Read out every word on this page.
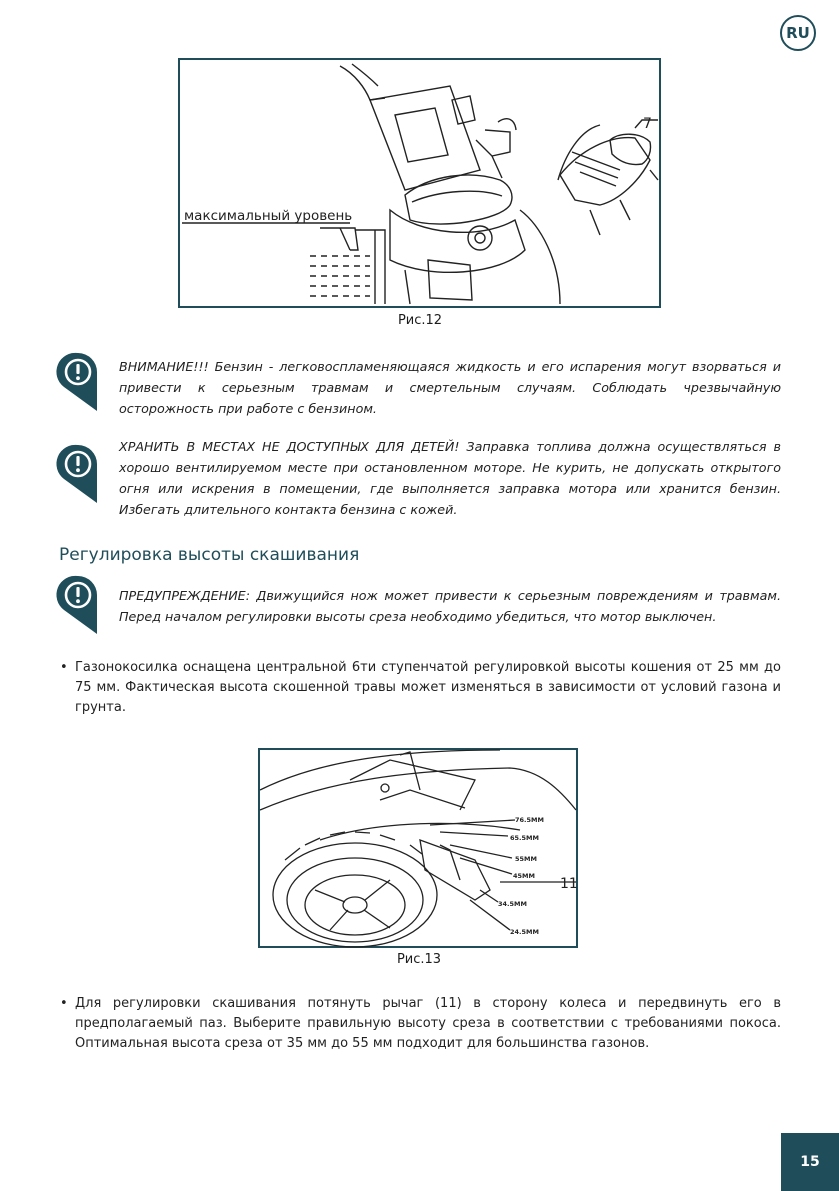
RU
7
максимальный уровень
Рис.12
ВНИМАНИЕ!!! Бензин - легковоспламеняющаяся жидкость и его испарения могут взорваться и привести к серьезным травмам и смертельным случаям. Соблюдать чрезвычайную осторожность при работе с бензином.
ХРАНИТЬ В МЕСТАХ НЕ ДОСТУПНЫХ ДЛЯ ДЕТЕЙ! Заправка топлива должна осуществляться в хорошо вентилируемом месте при остановленном моторе. Не курить, не допускать открытого огня или искрения в помещении, где выполняется заправка мотора или хранится бензин. Избегать длительного контакта бензина с кожей.
Регулировка высоты скашивания
ПРЕДУПРЕЖДЕНИЕ: Движущийся нож может привести к серьезным повреждениям и травмам. Перед началом регулировки высоты среза необходимо убедиться, что мотор выключен.
• Газонокосилка оснащена центральной 6ти ступенчатой регулировкой высоты кошения от 25 мм до 75 мм. Фактическая высота скошенной травы может изменяться в зависимости от условий газона и грунта.
76.5MM
65.5MM
55MM
45MM
34.5MM
24.5MM
11
Рис.13
• Для регулировки скашивания потянуть рычаг (11) в сторону колеса и передвинуть его в предполагаемый паз. Выберите правильную высоту среза в соответствии с требованиями покоса. Оптимальная высота среза от 35 мм до 55 мм подходит для большинства газонов.
15
